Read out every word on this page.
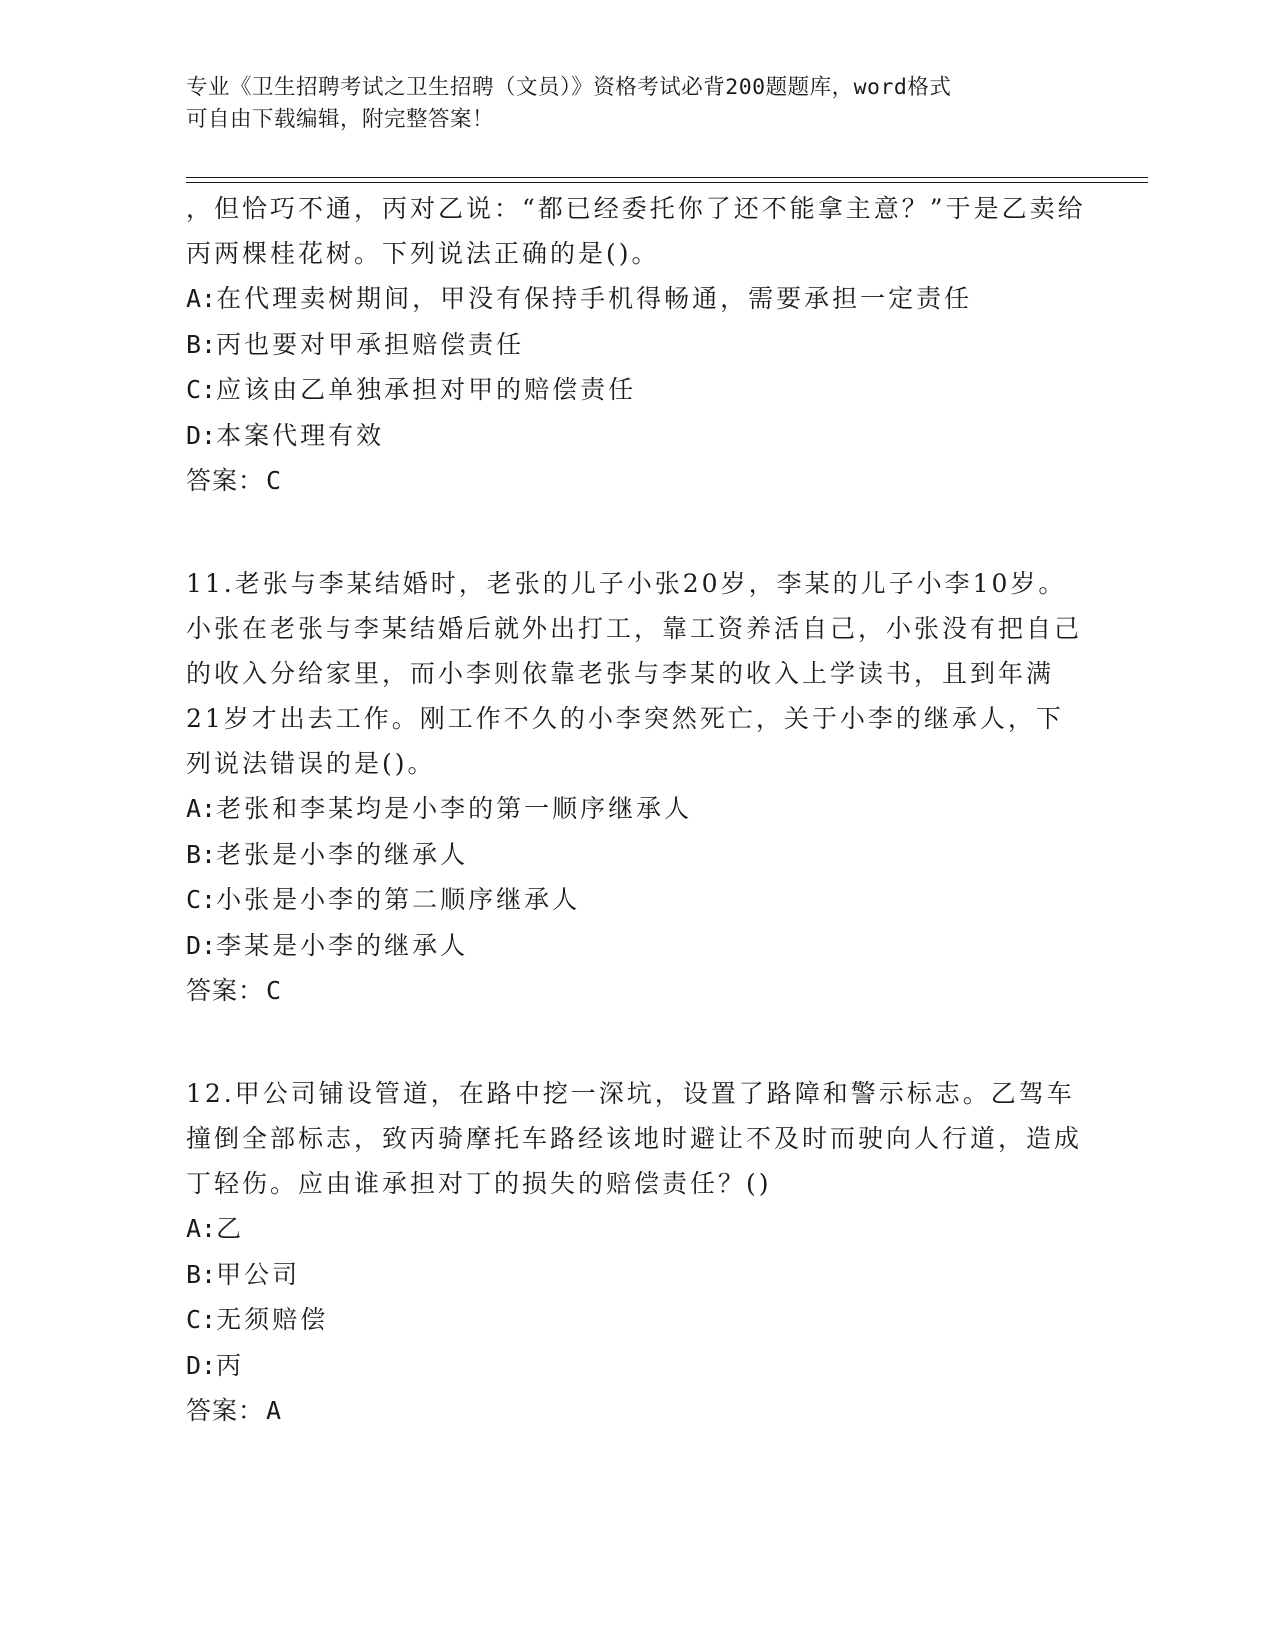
专业《卫生招聘考试之卫生招聘（文员）》资格考试必背200题题库，word格式
可自由下载编辑，附完整答案！
，但恰巧不通，丙对乙说：“都已经委托你了还不能拿主意？”于是乙卖给丙两棵桂花树。下列说法正确的是()。
A:在代理卖树期间，甲没有保持手机得畅通，需要承担一定责任
B:丙也要对甲承担赔偿责任
C:应该由乙单独承担对甲的赔偿责任
D:本案代理有效
答案：C
11.老张与李某结婚时，老张的儿子小张20岁，李某的儿子小李10岁。小张在老张与李某结婚后就外出打工，靠工资养活自己，小张没有把自己的收入分给家里，而小李则依靠老张与李某的收入上学读书，且到年满21岁才出去工作。刚工作不久的小李突然死亡，关于小李的继承人，下列说法错误的是()。
A:老张和李某均是小李的第一顺序继承人
B:老张是小李的继承人
C:小张是小李的第二顺序继承人
D:李某是小李的继承人
答案：C
12.甲公司铺设管道，在路中挖一深坑，设置了路障和警示标志。乙驾车撞倒全部标志，致丙骑摩托车路经该地时避让不及时而驶向人行道，造成丁轻伤。应由谁承担对丁的损失的赔偿责任？()
A:乙
B:甲公司
C:无须赔偿
D:丙
答案：A
